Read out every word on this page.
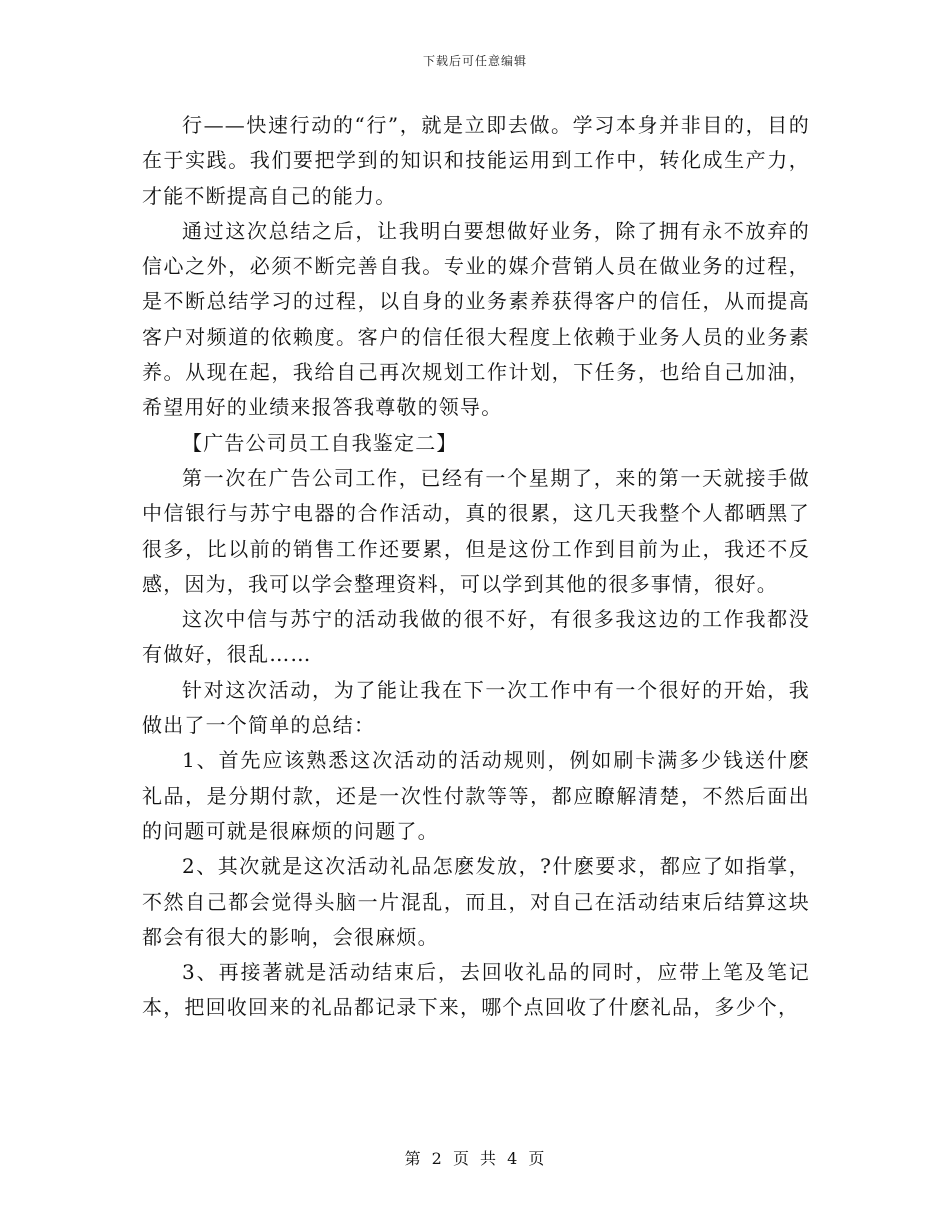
下载后可任意编辑

行——快速行动的“行”，就是立即去做。学习本身并非目的，目的在于实践。我们要把学到的知识和技能运用到工作中，转化成生产力，才能不断提高自己的能力。

通过这次总结之后，让我明白要想做好业务，除了拥有永不放弃的信心之外，必须不断完善自我。专业的媒介营销人员在做业务的过程，是不断总结学习的过程，以自身的业务素养获得客户的信任，从而提高客户对频道的依赖度。客户的信任很大程度上依赖于业务人员的业务素养。从现在起，我给自己再次规划工作计划，下任务，也给自己加油，希望用好的业绩来报答我尊敬的领导。

【广告公司员工自我鉴定二】

第一次在广告公司工作，已经有一个星期了，来的第一天就接手做中信银行与苏宁电器的合作活动，真的很累，这几天我整个人都晒黑了很多，比以前的销售工作还要累，但是这份工作到目前为止，我还不反感，因为，我可以学会整理资料，可以学到其他的很多事情，很好。

这次中信与苏宁的活动我做的很不好，有很多我这边的工作我都没有做好，很乱……

针对这次活动，为了能让我在下一次工作中有一个很好的开始，我做出了一个简单的总结：

1、首先应该熟悉这次活动的活动规则，例如刷卡满多少钱送什麽礼品，是分期付款，还是一次性付款等等，都应瞭解清楚，不然后面出的问题可就是很麻烦的问题了。

2、其次就是这次活动礼品怎麽发放，?什麽要求，都应了如指掌，不然自己都会觉得头脑一片混乱，而且，对自己在活动结束后结算这块都会有很大的影响，会很麻烦。

3、再接著就是活动结束后，去回收礼品的同时，应带上笔及笔记本，把回收回来的礼品都记录下来，哪个点回收了什麽礼品，多少个，

第 2 页 共 4 页
